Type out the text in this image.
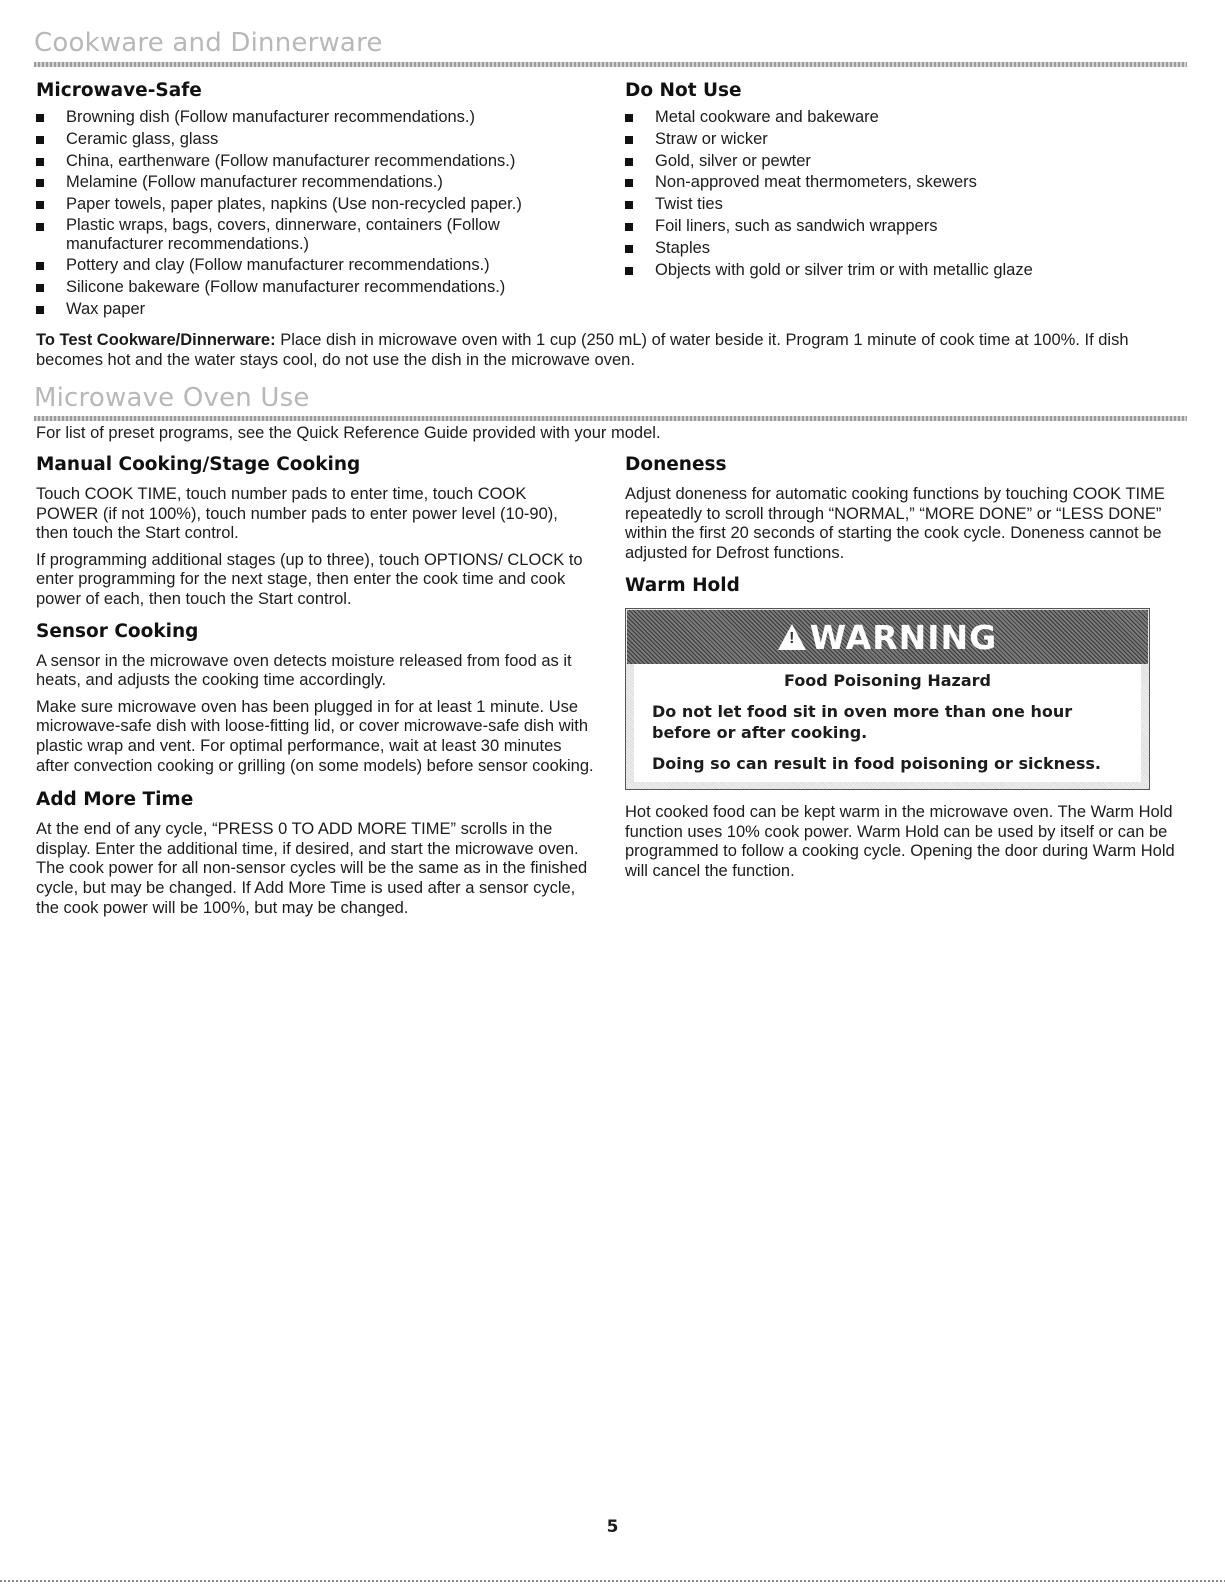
Cookware and Dinnerware
Microwave-Safe
Browning dish (Follow manufacturer recommendations.)
Ceramic glass, glass
China, earthenware (Follow manufacturer recommendations.)
Melamine (Follow manufacturer recommendations.)
Paper towels, paper plates, napkins (Use non-recycled paper.)
Plastic wraps, bags, covers, dinnerware, containers (Follow manufacturer recommendations.)
Pottery and clay (Follow manufacturer recommendations.)
Silicone bakeware (Follow manufacturer recommendations.)
Wax paper
Do Not Use
Metal cookware and bakeware
Straw or wicker
Gold, silver or pewter
Non-approved meat thermometers, skewers
Twist ties
Foil liners, such as sandwich wrappers
Staples
Objects with gold or silver trim or with metallic glaze

To Test Cookware/Dinnerware: Place dish in microwave oven with 1 cup (250 mL) of water beside it. Program 1 minute of cook time at 100%. If dish becomes hot and the water stays cool, do not use the dish in the microwave oven.

Microwave Oven Use

For list of preset programs, see the Quick Reference Guide provided with your model.

Manual Cooking/Stage Cooking

Touch COOK TIME, touch number pads to enter time, touch COOK POWER (if not 100%), touch number pads to enter power level (10-90), then touch the Start control.

If programming additional stages (up to three), touch OPTIONS/ CLOCK to enter programming for the next stage, then enter the cook time and cook power of each, then touch the Start control.

Sensor Cooking

A sensor in the microwave oven detects moisture released from food as it heats, and adjusts the cooking time accordingly.

Make sure microwave oven has been plugged in for at least 1 minute. Use microwave-safe dish with loose-fitting lid, or cover microwave-safe dish with plastic wrap and vent. For optimal performance, wait at least 30 minutes after convection cooking or grilling (on some models) before sensor cooking.

Add More Time

At the end of any cycle, “PRESS 0 TO ADD MORE TIME” scrolls in the display. Enter the additional time, if desired, and start the microwave oven. The cook power for all non-sensor cycles will be the same as in the finished cycle, but may be changed. If Add More Time is used after a sensor cycle, the cook power will be 100%, but may be changed.

Doneness

Adjust doneness for automatic cooking functions by touching COOK TIME repeatedly to scroll through “NORMAL,” “MORE DONE” or “LESS DONE” within the first 20 seconds of starting the cook cycle. Doneness cannot be adjusted for Defrost functions.

Warm Hold
! WARNING
Food Poisoning Hazard
Do not let food sit in oven more than one hour before or after cooking.
Doing so can result in food poisoning or sickness.

Hot cooked food can be kept warm in the microwave oven. The Warm Hold function uses 10% cook power. Warm Hold can be used by itself or can be programmed to follow a cooking cycle. Opening the door during Warm Hold will cancel the function.

5
